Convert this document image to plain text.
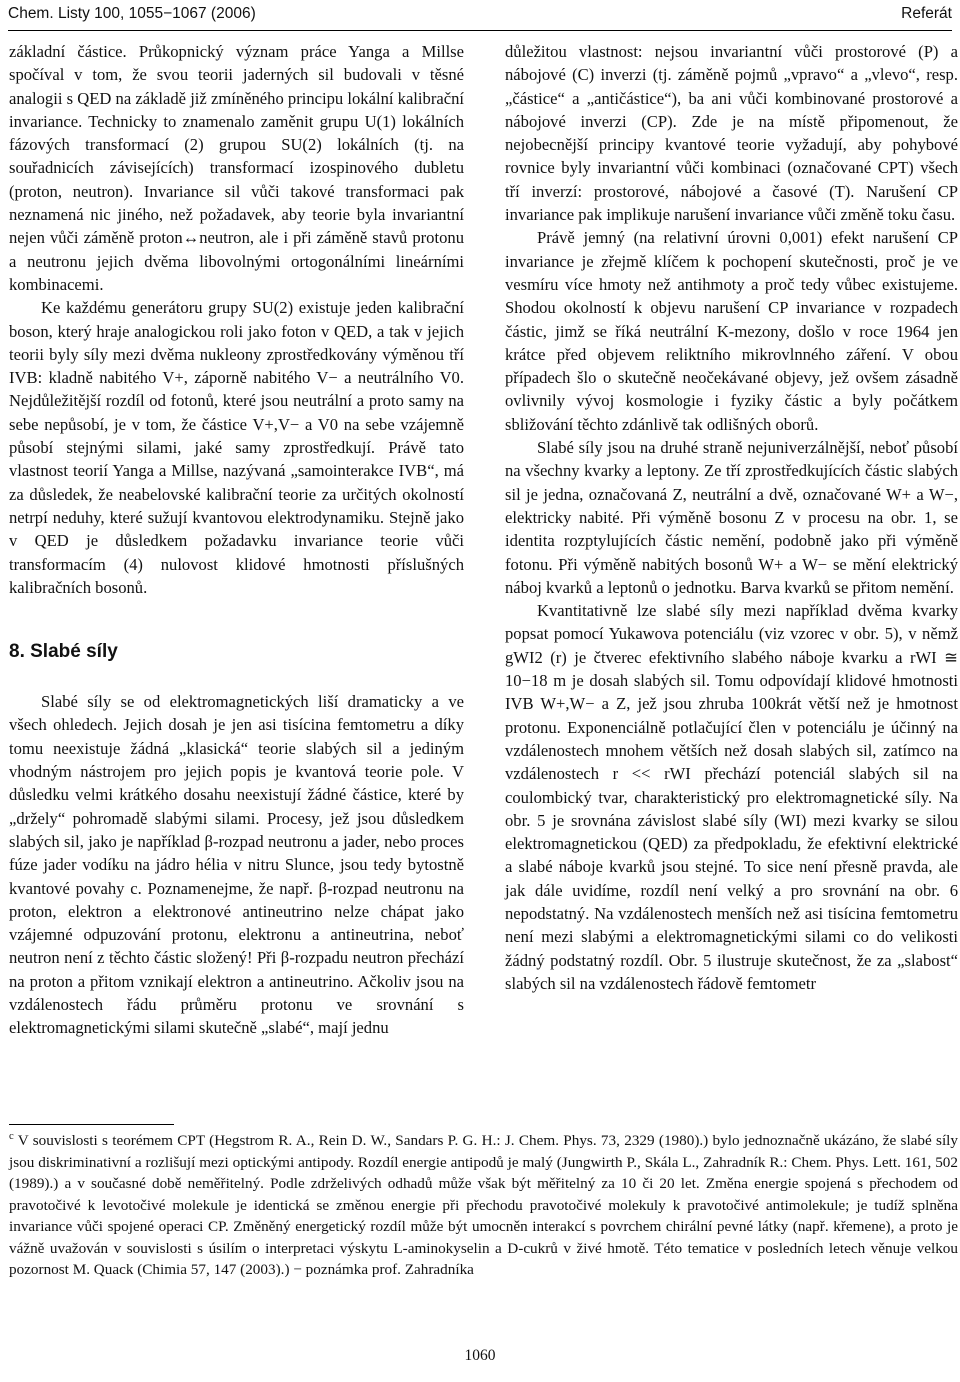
Chem. Listy 100, 1055−1067 (2006)	Referát

základní částice. Průkopnický význam práce Yanga a Millse spočíval v tom, že svou teorii jaderných sil budovali v těsné analogii s QED na základě již zmíněného principu lokální kalibrační invariance. Technicky to znamenalo zaměnit grupu U(1) lokálních fázových transformací (2) grupou SU(2) lokálních (tj. na souřadnicích závisejících) transformací izospinového dubletu (proton, neutron). Invariance sil vůči takové transformaci pak neznamená nic jiného, než požadavek, aby teorie byla invariantní nejen vůči záměně proton↔neutron, ale i při záměně stavů protonu a neutronu jejich dvěma libovolnými ortogonálními lineárními kombinacemi.

Ke každému generátoru grupy SU(2) existuje jeden kalibrační boson, který hraje analogickou roli jako foton v QED, a tak v jejich teorii byly síly mezi dvěma nukleony zprostředkovány výměnou tří IVB: kladně nabitého V+, záporně nabitého V− a neutrálního V0. Nejdůležitější rozdíl od fotonů, které jsou neutrální a proto samy na sebe nepůsobí, je v tom, že částice V+,V− a V0 na sebe vzájemně působí stejnými silami, jaké samy zprostředkují. Právě tato vlastnost teorií Yanga a Millse, nazývaná „samointerakce IVB“, má za důsledek, že neabelovské kalibrační teorie za určitých okolností netrpí neduhy, které sužují kvantovou elektrodynamiku. Stejně jako v QED je důsledkem požadavku invariance teorie vůči transformacím (4) nulovost klidové hmotnosti příslušných kalibračních bosonů.

8. Slabé síly

Slabé síly se od elektromagnetických liší dramaticky a ve všech ohledech. Jejich dosah je jen asi tisícina femtometru a díky tomu neexistuje žádná „klasická“ teorie slabých sil a jediným vhodným nástrojem pro jejich popis je kvantová teorie pole. V důsledku velmi krátkého dosahu neexistují žádné částice, které by „držely“ pohromadě slabými silami. Procesy, jež jsou důsledkem slabých sil, jako je například β-rozpad neutronu a jader, nebo proces fúze jader vodíku na jádro hélia v nitru Slunce, jsou tedy bytostně kvantové povahy c. Poznamenejme, že např. β-rozpad neutronu na proton, elektron a elektronové antineutrino nelze chápat jako vzájemné odpuzování protonu, elektronu a antineutrina, neboť neutron není z těchto částic složený! Při β-rozpadu neutron přechází na proton a přitom vznikají elektron a antineutrino. Ačkoliv jsou na vzdálenostech řádu průměru protonu ve srovnání s elektromagnetickými silami skutečně „slabé“, mají jednu

důležitou vlastnost: nejsou invariantní vůči prostorové (P) a nábojové (C) inverzi (tj. záměně pojmů „vpravo“ a „vlevo“, resp. „částice“ a „antičástice“), ba ani vůči kombinované prostorové a nábojové inverzi (CP). Zde je na místě připomenout, že nejobecnější principy kvantové teorie vyžadují, aby pohybové rovnice byly invariantní vůči kombinaci (označované CPT) všech tří inverzí: prostorové, nábojové a časové (T). Narušení CP invariance pak implikuje narušení invariance vůči změně toku času.

Právě jemný (na relativní úrovni 0,001) efekt narušení CP invariance je zřejmě klíčem k pochopení skutečnosti, proč je ve vesmíru více hmoty než antihmoty a proč tedy vůbec existujeme. Shodou okolností k objevu narušení CP invariance v rozpadech částic, jimž se říká neutrální K-mezony, došlo v roce 1964 jen krátce před objevem reliktního mikrovlnného záření. V obou případech šlo o skutečně neočekávané objevy, jež ovšem zásadně ovlivnily vývoj kosmologie i fyziky částic a byly počátkem sbližování těchto zdánlivě tak odlišných oborů.

Slabé síly jsou na druhé straně nejuniverzálnější, neboť působí na všechny kvarky a leptony. Ze tří zprostředkujících částic slabých sil je jedna, označovaná Z, neutrální a dvě, označované W+ a W−, elektricky nabité. Při výměně bosonu Z v procesu na obr. 1, se identita rozptylujících částic nemění, podobně jako při výměně fotonu. Při výměně nabitých bosonů W+ a W− se mění elektrický náboj kvarků a leptonů o jednotku. Barva kvarků se přitom nemění.

Kvantitativně lze slabé síly mezi například dvěma kvarky popsat pomocí Yukawova potenciálu (viz vzorec v obr. 5), v němž gWI2 (r) je čtverec efektivního slabého náboje kvarku a rWI ≅ 10−18 m je dosah slabých sil. Tomu odpovídají klidové hmotnosti IVB W+,W− a Z, jež jsou zhruba 100krát větší než je hmotnost protonu. Exponenciálně potlačující člen v potenciálu je účinný na vzdálenostech mnohem větších než dosah slabých sil, zatímco na vzdálenostech r << rWI přechází potenciál slabých sil na coulombický tvar, charakteristický pro elektromagnetické síly. Na obr. 5 je srovnána závislost slabé síly (WI) mezi kvarky se silou elektromagnetickou (QED) za předpokladu, že efektivní elektrické a slabé náboje kvarků jsou stejné. To sice není přesně pravda, ale jak dále uvidíme, rozdíl není velký a pro srovnání na obr. 6 nepodstatný. Na vzdálenostech menších než asi tisícina femtometru není mezi slabými a elektromagnetickými silami co do velikosti žádný podstatný rozdíl. Obr. 5 ilustruje skutečnost, že za „slabost“ slabých sil na vzdálenostech řádově femtometr

$^c$ V souvislosti s teorémem CPT (Hegstrom R. A., Rein D. W., Sandars P. G. H.: J. Chem. Phys. 73, 2329 (1980).) bylo jednoznačně ukázáno, že slabé síly jsou diskriminativní a rozlišují mezi optickými antipody. Rozdíl energie antipodů je malý (Jungwirth P., Skála L., Zahradník R.: Chem. Phys. Lett. 161, 502 (1989).) a v současné době neměřitelný. Podle zdrželivých odhadů může však být měřitelný za 10 či 20 let. Změna energie spojená s přechodem od pravotočivé k levotočivé molekule je identická se změnou energie při přechodu pravotočivé molekuly k pravotočivé antimolekule; je tudíž splněna invariance vůči spojené operaci CP. Změněný energetický rozdíl může být umocněn interakcí s povrchem chirální pevné látky (např. křemene), a proto je vážně uvažován v souvislosti s úsilím o interpretaci výskytu L-aminokyselin a D-cukrů v živé hmotě. Této tematice v posledních letech věnuje velkou pozornost M. Quack (Chimia 57, 147 (2003).) − poznámka prof. Zahradníka
1060
